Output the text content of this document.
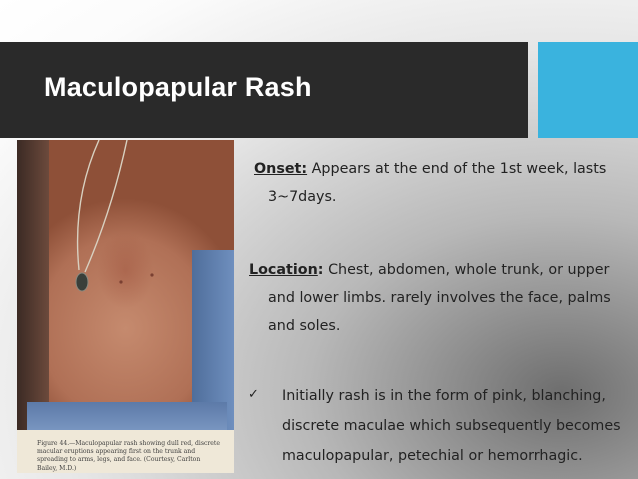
Maculopapular Rash
Figure 44.—Maculopapular rash showing dull red, discrete macular eruptions appearing first on the trunk and spreading to arms, legs, and face. (Courtesy, Carlton Bailey, M.D.)
Onset: Appears at the end of the 1st week, lasts
3~7days.
Location: Chest, abdomen, whole trunk, or upper
and lower limbs. rarely involves the face, palms
and soles.
✓ Initially rash is in the form of pink, blanching,
discrete maculae which subsequently becomes
maculopapular, petechial or hemorrhagic.
